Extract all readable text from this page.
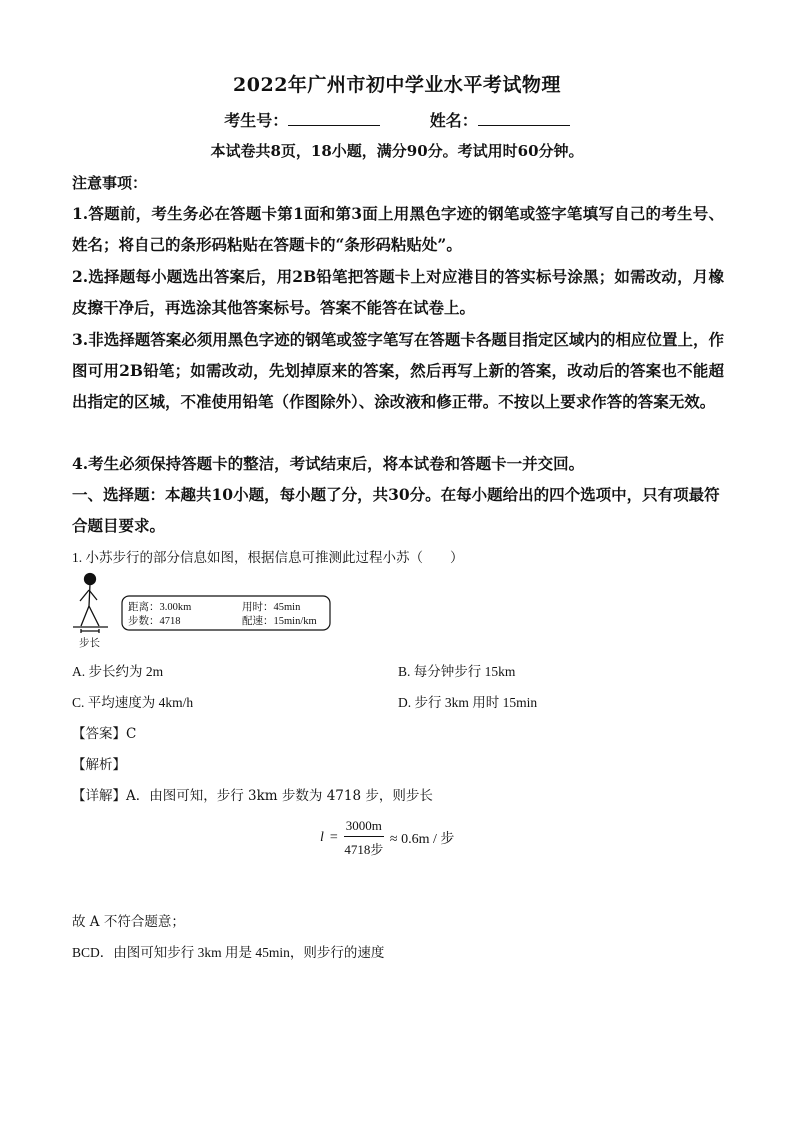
2022年广州市初中学业水平考试物理
考生号：	姓名：
本试卷共8页，18小题，满分90分。考试用时60分钟。
注意事项：
1.答题前，考生务必在答题卡第1面和第3面上用黑色字迹的钢笔或签字笔填写自己的考生号、姓名；将自己的条形码粘贴在答题卡的“条形码粘贴处”。
2.选择题每小题选出答案后，用2B铅笔把答题卡上对应港目的答实标号涂黑；如需改动，月橡皮擦干净后，再选涂其他答案标号。答案不能答在试卷上。
3.非选择题答案必须用黑色字迹的钢笔或签字笔写在答题卡各题目指定区域内的相应位置上，作图可用2B铅笔；如需改动，先划掉原来的答案，然后再写上新的答案，改动后的答案也不能超出指定的区城，不准使用铅笔（作图除外）、涂改液和修正带。不按以上要求作答的答案无效。
4.考生必须保持答题卡的整洁，考试结束后，将本试卷和答题卡一并交回。
一、选择题：本趣共10小题，每小题了分，共30分。在每小题给出的四个选项中，只有项最符合题目要求。
1. 小苏步行的部分信息如图，根据信息可推测此过程小苏（　　）
步长
距离：3.00km	用时：45min
步数：4718	配速：15min/km
A. 步长约为 2m	B. 每分钟步行 15km
C. 平均速度为 4km/h	D. 步行 3km 用时 15min
【答案】C
【解析】
【详解】A．由图可知，步行 3km 步数为 4718 步，则步长
$l = \frac{3000m}{\text{4718步}} \approx 0.6m$ / 步
故 A 不符合题意；
BCD．由图可知步行 3km 用是 45min，则步行的速度
